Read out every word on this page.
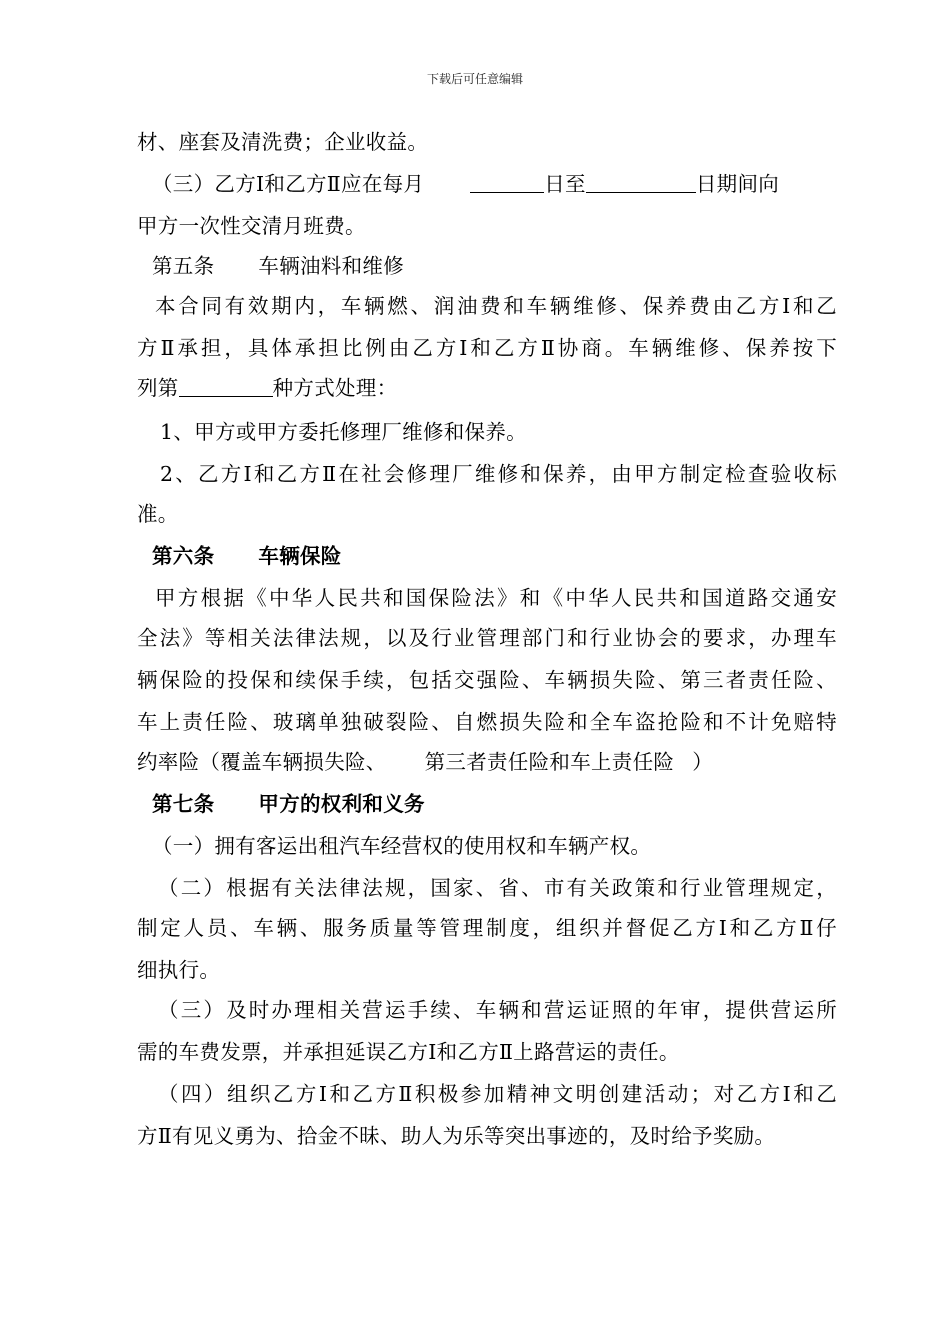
下载后可任意编辑
材、座套及清洗费；企业收益。
（三）乙方Ⅰ和乙方Ⅱ应在每月	日至	日期间向
甲方一次性交清月班费。
第五条 车辆油料和维修
本合同有效期内，车辆燃、润油费和车辆维修、保养费由乙方Ⅰ和乙
方Ⅱ承担，具体承担比例由乙方Ⅰ和乙方Ⅱ协商。车辆维修、保养按下
列第	种方式处理：
1、甲方或甲方委托修理厂维修和保养。
2、乙方Ⅰ和乙方Ⅱ在社会修理厂维修和保养，由甲方制定检查验收标
准。
第六条 车辆保险
甲方根据《中华人民共和国保险法》和《中华人民共和国道路交通安
全法》等相关法律法规，以及行业管理部门和行业协会的要求，办理车
辆保险的投保和续保手续，包括交强险、车辆损失险、第三者责任险、
车上责任险、玻璃单独破裂险、自燃损失险和全车盗抢险和不计免赔特
约率险（覆盖车辆损失险、 第三者责任险和车上责任险 ）
第七条 甲方的权利和义务
（一）拥有客运出租汽车经营权的使用权和车辆产权。
（二）根据有关法律法规，国家、省、市有关政策和行业管理规定，
制定人员、车辆、服务质量等管理制度，组织并督促乙方Ⅰ和乙方Ⅱ仔
细执行。
（三）及时办理相关营运手续、车辆和营运证照的年审，提供营运所
需的车费发票，并承担延误乙方Ⅰ和乙方Ⅱ上路营运的责任。
（四）组织乙方Ⅰ和乙方Ⅱ积极参加精神文明创建活动；对乙方Ⅰ和乙
方Ⅱ有见义勇为、拾金不昧、助人为乐等突出事迹的，及时给予奖励。
